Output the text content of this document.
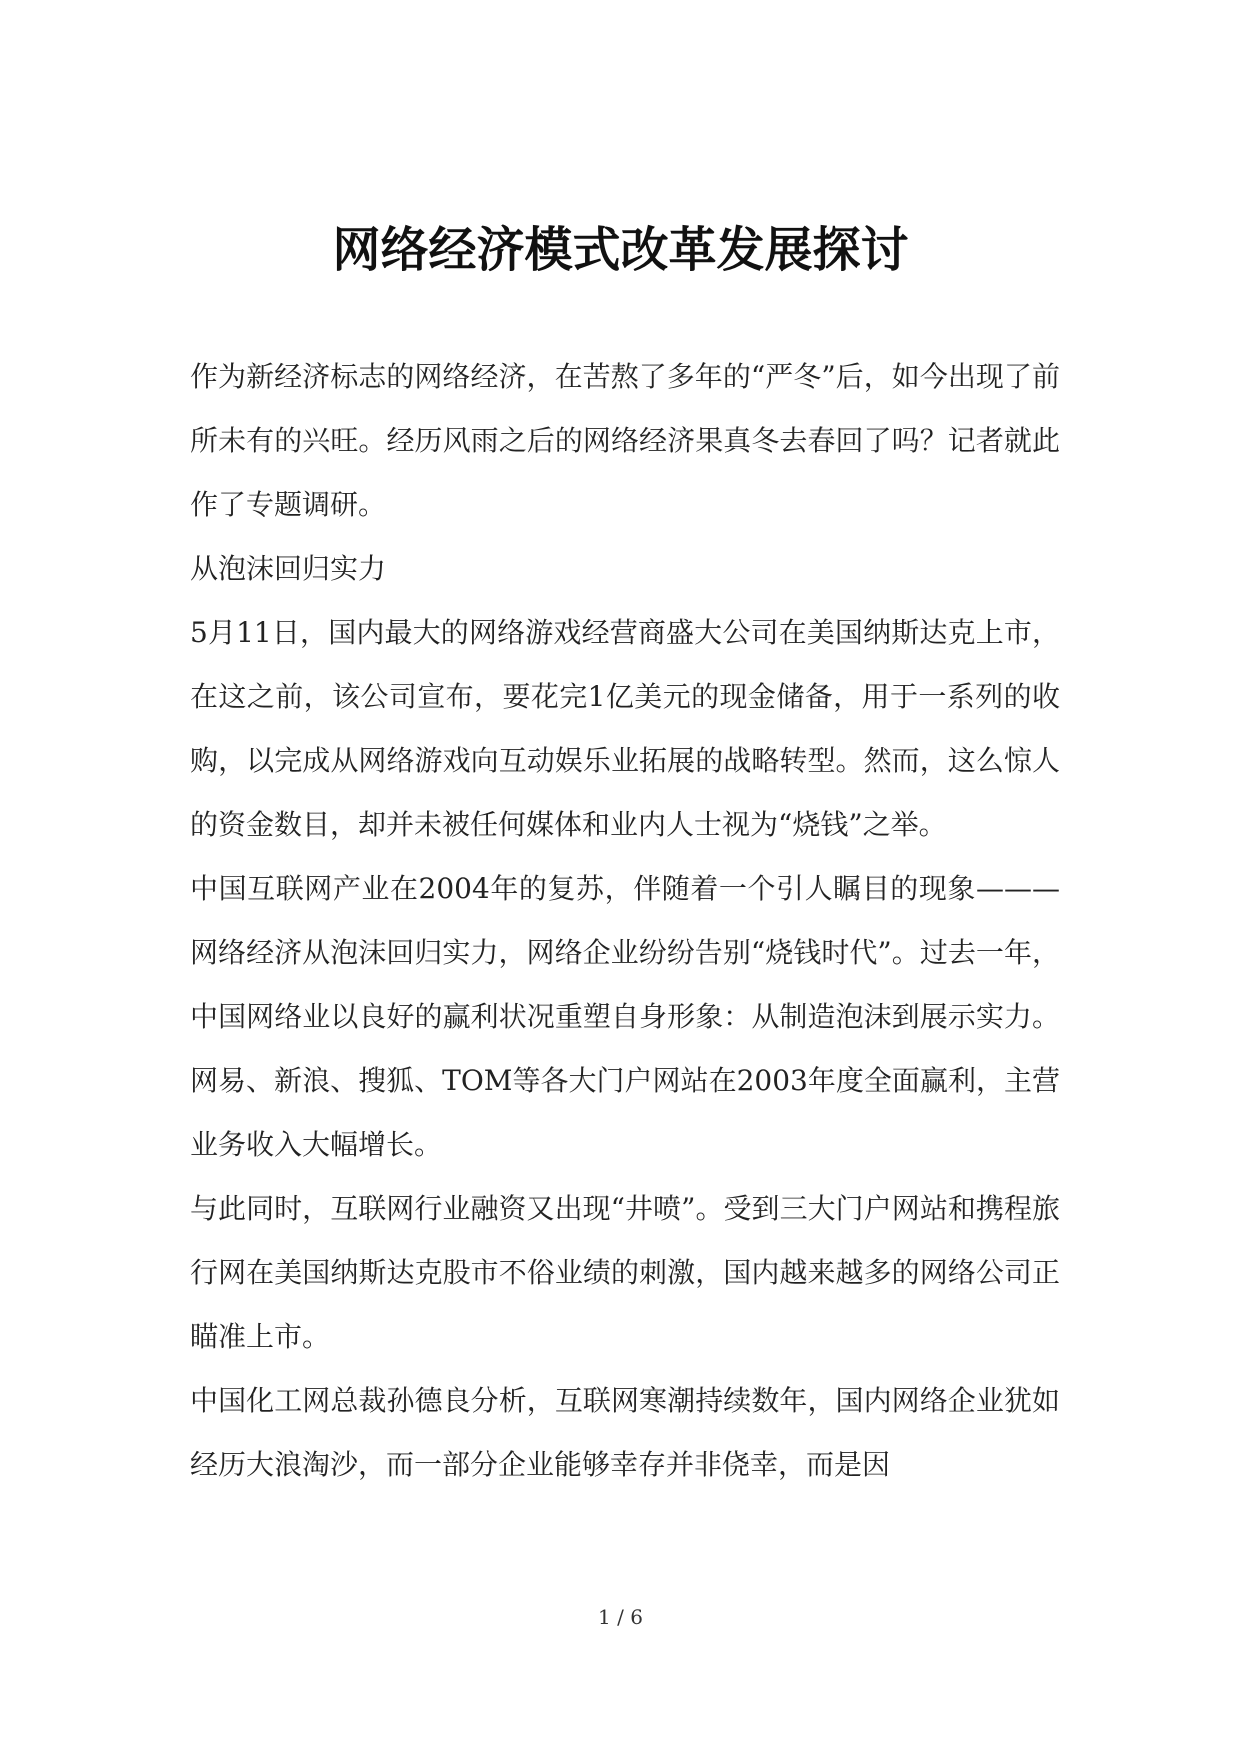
网络经济模式改革发展探讨

作为新经济标志的网络经济，在苦熬了多年的“严冬”后，如今出现了前所未有的兴旺。经历风雨之后的网络经济果真冬去春回了吗？记者就此作了专题调研。

从泡沫回归实力

5月11日，国内最大的网络游戏经营商盛大公司在美国纳斯达克上市，在这之前，该公司宣布，要花完1亿美元的现金储备，用于一系列的收购，以完成从网络游戏向互动娱乐业拓展的战略转型。然而，这么惊人的资金数目，却并未被任何媒体和业内人士视为“烧钱”之举。

中国互联网产业在2004年的复苏，伴随着一个引人瞩目的现象———网络经济从泡沫回归实力，网络企业纷纷告别“烧钱时代”。过去一年，中国网络业以良好的赢利状况重塑自身形象：从制造泡沫到展示实力。网易、新浪、搜狐、TOM等各大门户网站在2003年度全面赢利，主营业务收入大幅增长。

与此同时，互联网行业融资又出现“井喷”。受到三大门户网站和携程旅行网在美国纳斯达克股市不俗业绩的刺激，国内越来越多的网络公司正瞄准上市。

中国化工网总裁孙德良分析，互联网寒潮持续数年，国内网络企业犹如经历大浪淘沙，而一部分企业能够幸存并非侥幸，而是因

1 / 6
